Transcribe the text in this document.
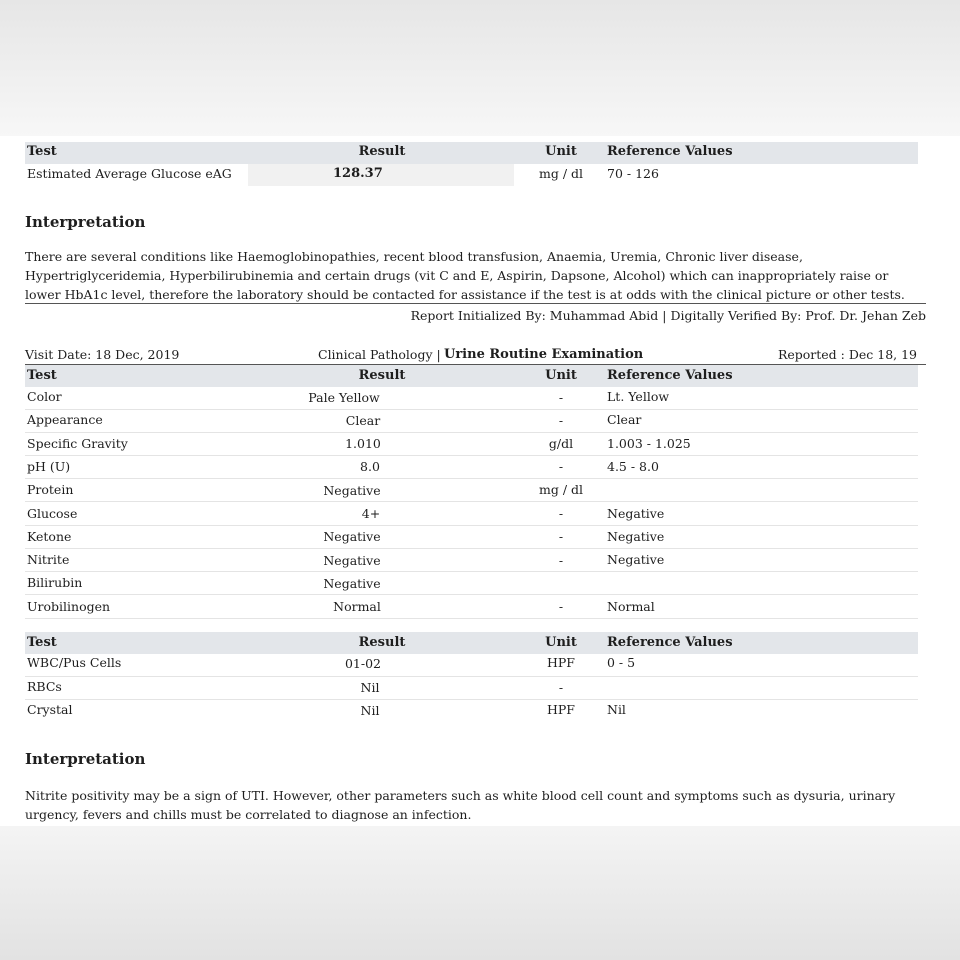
Test	Result	Unit	Reference Values
Estimated Average Glucose eAG	128.37	mg / dl	70 - 126
Interpretation
There are several conditions like Haemoglobinopathies, recent blood transfusion, Anaemia, Uremia, Chronic liver disease, Hypertriglyceridemia, Hyperbilirubinemia and certain drugs (vit C and E, Aspirin, Dapsone, Alcohol) which can inappropriately raise or lower HbA1c level, therefore the laboratory should be contacted for assistance if the test is at odds with the clinical picture or other tests.
Report Initialized By: Muhammad Abid | Digitally Verified By: Prof. Dr. Jehan Zeb
Visit Date: 18 Dec, 2019	Clinical Pathology | Urine Routine Examination	Reported : Dec 18, 19
Test	Result	Unit	Reference Values
Color	Pale Yellow	-	Lt. Yellow
Appearance	Clear	-	Clear
Specific Gravity	1.010	g/dl	1.003 - 1.025
pH (U)	8.0	-	4.5 - 8.0
Protein	Negative	mg / dl
Glucose	4+	-	Negative
Ketone	Negative	-	Negative
Nitrite	Negative	-	Negative
Bilirubin	Negative
Urobilinogen	Normal	-	Normal
Test	Result	Unit	Reference Values
WBC/Pus Cells	01-02	HPF	0 - 5
RBCs	Nil	-
Crystal	Nil	HPF	Nil
Interpretation
Nitrite positivity may be a sign of UTI. However, other parameters such as white blood cell count and symptoms such as dysuria, urinary urgency, fevers and chills must be correlated to diagnose an infection.
